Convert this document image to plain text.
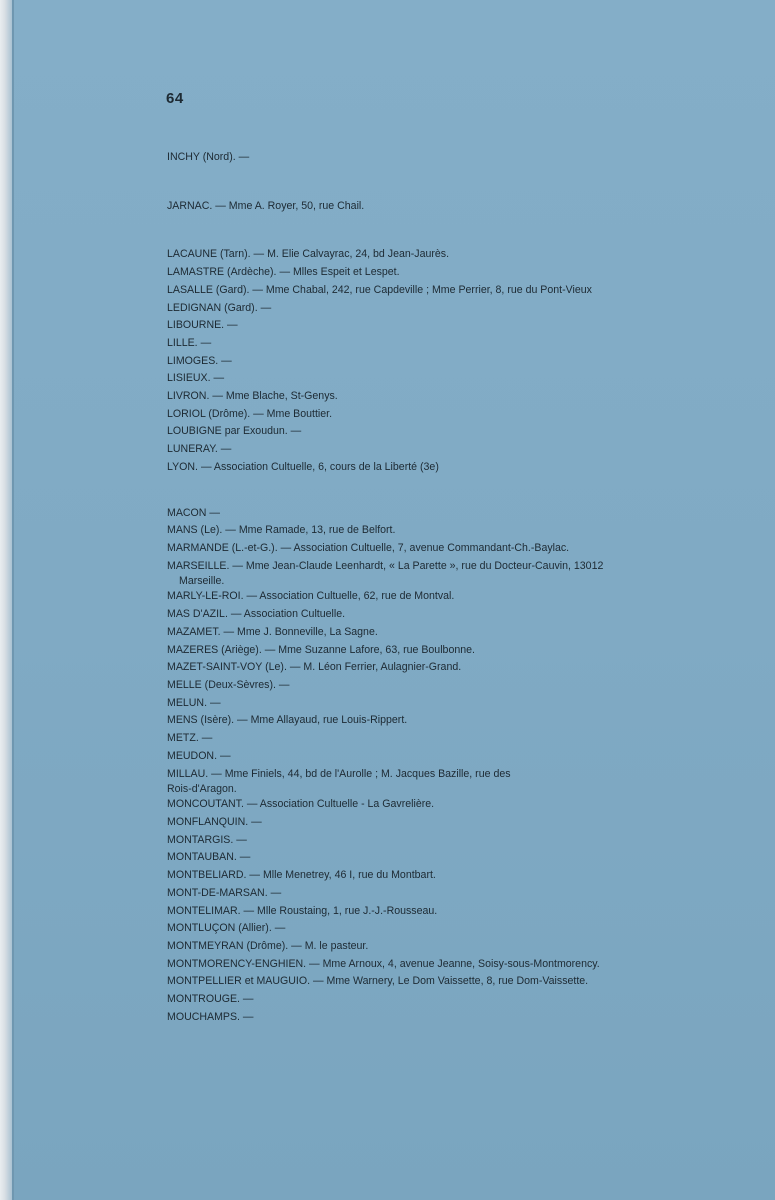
64
INCHY (Nord). —
JARNAC. — Mme A. Royer, 50, rue Chail.
LACAUNE (Tarn). — M. Elie Calvayrac, 24, bd Jean-Jaurès.
LAMASTRE (Ardèche). — Mlles Espeit et Lespet.
LASALLE (Gard). — Mme Chabal, 242, rue Capdeville ; Mme Perrier, 8, rue du Pont-Vieux
LEDIGNAN (Gard). —
LIBOURNE. —
LILLE. —
LIMOGES. —
LISIEUX. —
LIVRON. — Mme Blache, St-Genys.
LORIOL (Drôme). — Mme Bouttier.
LOUBIGNE par Exoudun. —
LUNERAY. —
LYON. — Association Cultuelle, 6, cours de la Liberté (3e)
MACON —
MANS (Le). — Mme Ramade, 13, rue de Belfort.
MARMANDE (L.-et-G.). — Association Cultuelle, 7, avenue Commandant-Ch.-Baylac.
MARSEILLE. — Mme Jean-Claude Leenhardt, « La Parette », rue du Docteur-Cauvin, 13012
Marseille.
MARLY-LE-ROI. — Association Cultuelle, 62, rue de Montval.
MAS D'AZIL. — Association Cultuelle.
MAZAMET. — Mme J. Bonneville, La Sagne.
MAZERES (Ariège). — Mme Suzanne Lafore, 63, rue Boulbonne.
MAZET-SAINT-VOY (Le). — M. Léon Ferrier, Aulagnier-Grand.
MELLE (Deux-Sèvres). —
MELUN. —
MENS (Isère). — Mme Allayaud, rue Louis-Rippert.
METZ. —
MEUDON. —
MILLAU. — Mme Finiels, 44, bd de l'Aurolle ; M. Jacques Bazille, rue des
Rois-d'Aragon.
MONCOUTANT. — Association Cultuelle - La Gavrelière.
MONFLANQUIN. —
MONTARGIS. —
MONTAUBAN. —
MONTBELIARD. — Mlle Menetrey, 46 I, rue du Montbart.
MONT-DE-MARSAN. —
MONTELIMAR. — Mlle Roustaing, 1, rue J.-J.-Rousseau.
MONTLUÇON (Allier). —
MONTMEYRAN (Drôme). — M. le pasteur.
MONTMORENCY-ENGHIEN. — Mme Arnoux, 4, avenue Jeanne, Soisy-sous-Montmorency.
MONTPELLIER et MAUGUIO. — Mme Warnery, Le Dom Vaissette, 8, rue Dom-Vaissette.
MONTROUGE. —
MOUCHAMPS. —
